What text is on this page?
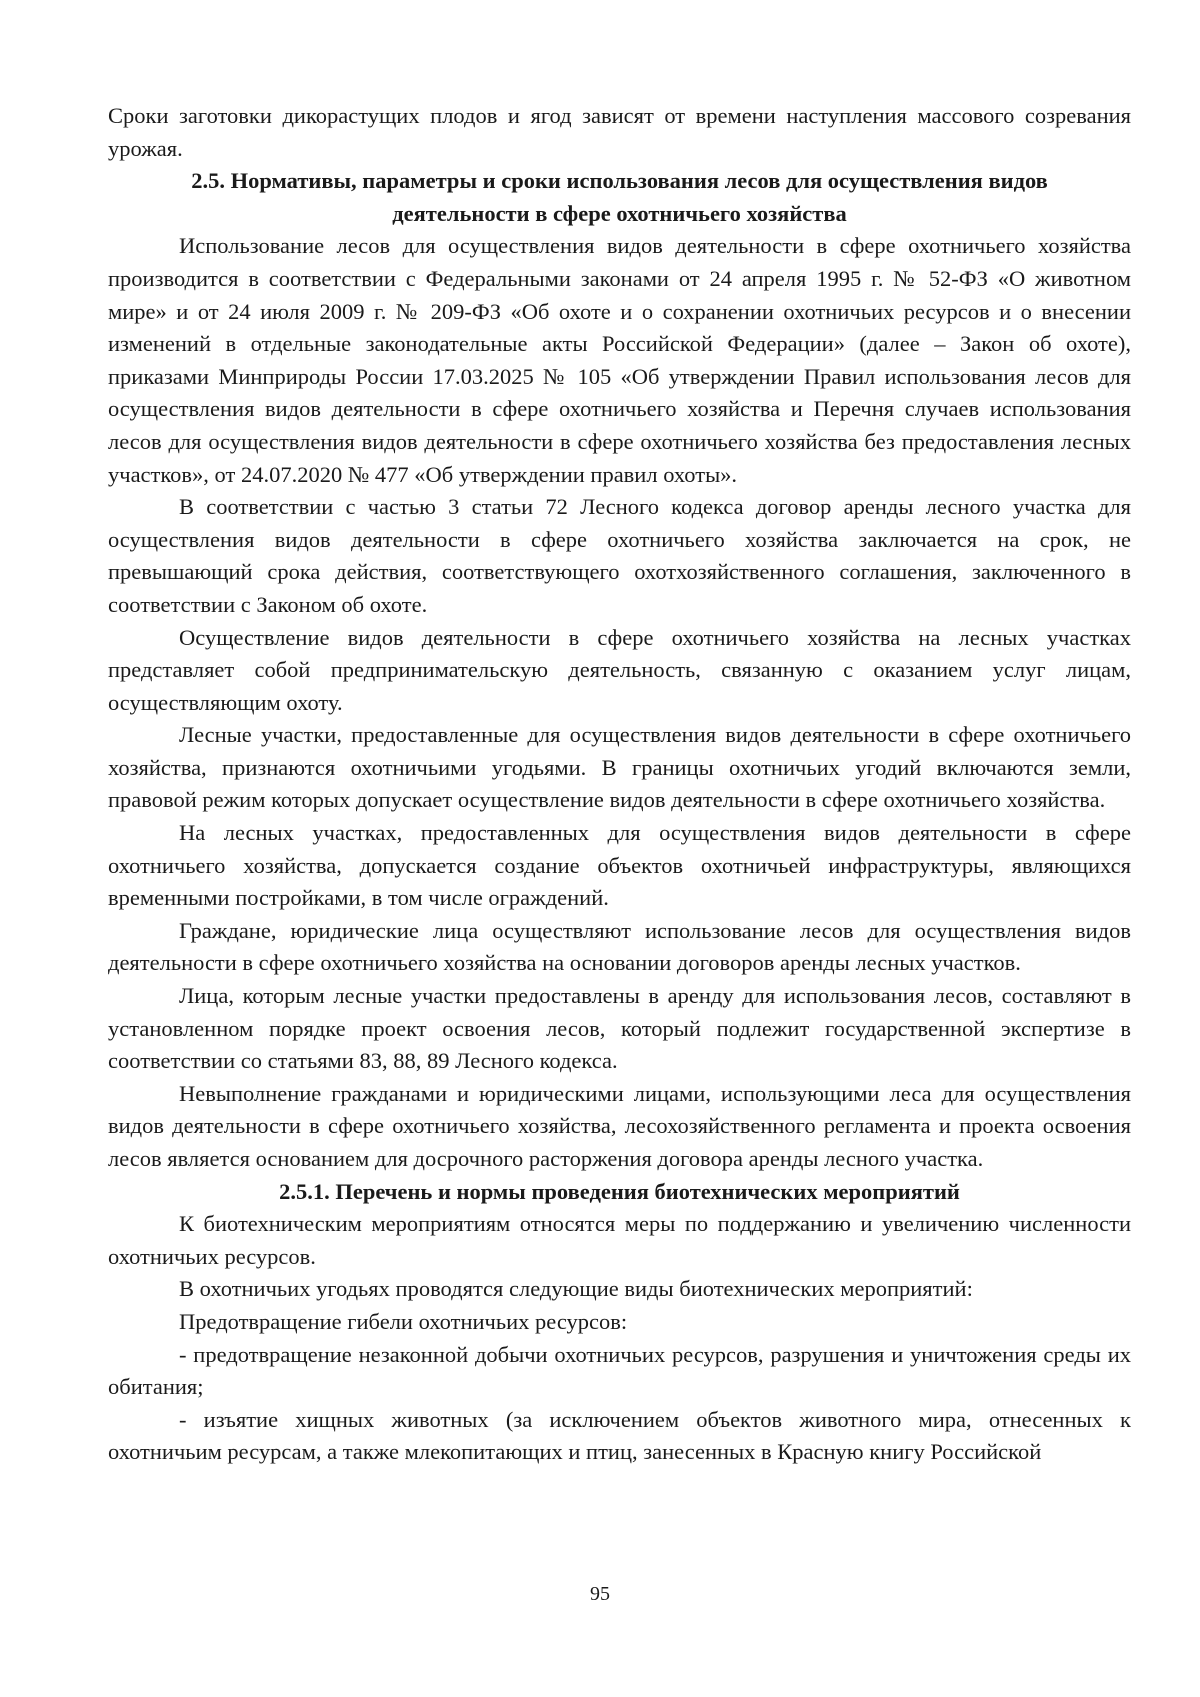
Сроки заготовки дикорастущих плодов и ягод зависят от времени наступления массового созревания урожая.

2.5. Нормативы, параметры и сроки использования лесов для осуществления видов деятельности в сфере охотничьего хозяйства

Использование лесов для осуществления видов деятельности в сфере охотничьего хозяйства производится в соответствии с Федеральными законами от 24 апреля 1995 г. № 52-ФЗ «О животном мире» и от 24 июля 2009 г. № 209-ФЗ «Об охоте и о сохранении охотничьих ресурсов и о внесении изменений в отдельные законодательные акты Российской Федерации» (далее – Закон об охоте), приказами Минприроды России 17.03.2025 № 105 «Об утверждении Правил использования лесов для осуществления видов деятельности в сфере охотничьего хозяйства и Перечня случаев использования лесов для осуществления видов деятельности в сфере охотничьего хозяйства без предоставления лесных участков», от 24.07.2020 № 477 «Об утверждении правил охоты».

В соответствии с частью 3 статьи 72 Лесного кодекса договор аренды лесного участка для осуществления видов деятельности в сфере охотничьего хозяйства заключается на срок, не превышающий срока действия, соответствующего охотхозяйственного соглашения, заключенного в соответствии с Законом об охоте.

Осуществление видов деятельности в сфере охотничьего хозяйства на лесных участках представляет собой предпринимательскую деятельность, связанную с оказанием услуг лицам, осуществляющим охоту.

Лесные участки, предоставленные для осуществления видов деятельности в сфере охотничьего хозяйства, признаются охотничьими угодьями. В границы охотничьих угодий включаются земли, правовой режим которых допускает осуществление видов деятельности в сфере охотничьего хозяйства.

На лесных участках, предоставленных для осуществления видов деятельности в сфере охотничьего хозяйства, допускается создание объектов охотничьей инфраструктуры, являющихся временными постройками, в том числе ограждений.

Граждане, юридические лица осуществляют использование лесов для осуществления видов деятельности в сфере охотничьего хозяйства на основании договоров аренды лесных участков.

Лица, которым лесные участки предоставлены в аренду для использования лесов, составляют в установленном порядке проект освоения лесов, который подлежит государственной экспертизе в соответствии со статьями 83, 88, 89 Лесного кодекса.

Невыполнение гражданами и юридическими лицами, использующими леса для осуществления видов деятельности в сфере охотничьего хозяйства, лесохозяйственного регламента и проекта освоения лесов является основанием для досрочного расторжения договора аренды лесного участка.

2.5.1. Перечень и нормы проведения биотехнических мероприятий

К биотехническим мероприятиям относятся меры по поддержанию и увеличению численности охотничьих ресурсов.

В охотничьих угодьях проводятся следующие виды биотехнических мероприятий:

Предотвращение гибели охотничьих ресурсов:

- предотвращение незаконной добычи охотничьих ресурсов, разрушения и уничтожения среды их обитания;

- изъятие хищных животных (за исключением объектов животного мира, отнесенных к охотничьим ресурсам, а также млекопитающих и птиц, занесенных в Красную книгу Российской

95
